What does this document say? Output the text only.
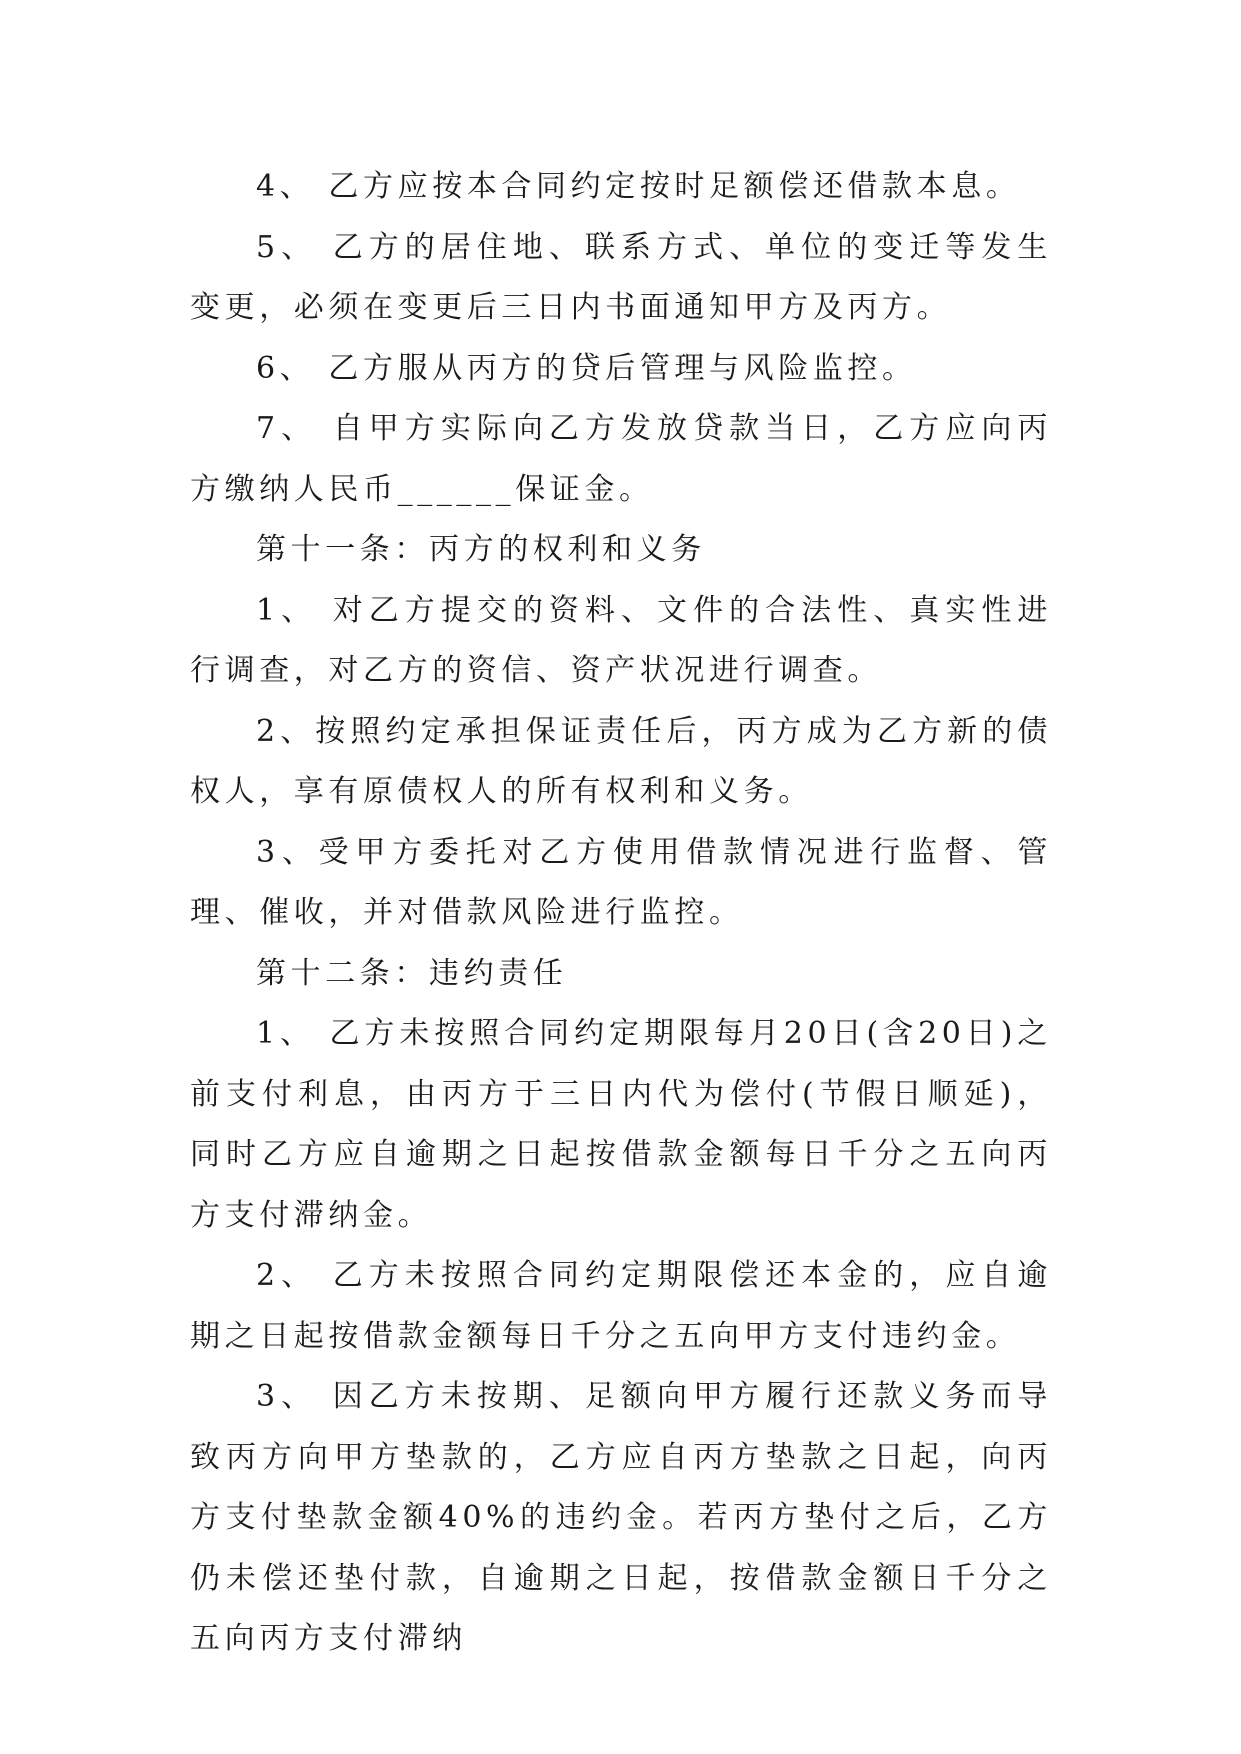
4、 乙方应按本合同约定按时足额偿还借款本息。

5、 乙方的居住地、联系方式、单位的变迁等发生变更，必须在变更后三日内书面通知甲方及丙方。

6、 乙方服从丙方的贷后管理与风险监控。

7、 自甲方实际向乙方发放贷款当日，乙方应向丙方缴纳人民币______保证金。

第十一条：丙方的权利和义务

1、 对乙方提交的资料、文件的合法性、真实性进行调查，对乙方的资信、资产状况进行调查。

2、按照约定承担保证责任后，丙方成为乙方新的债权人，享有原债权人的所有权利和义务。

3、受甲方委托对乙方使用借款情况进行监督、管理、催收，并对借款风险进行监控。

第十二条：违约责任

1、 乙方未按照合同约定期限每月20日(含20日)之前支付利息，由丙方于三日内代为偿付(节假日顺延)，同时乙方应自逾期之日起按借款金额每日千分之五向丙方支付滞纳金。

2、 乙方未按照合同约定期限偿还本金的，应自逾期之日起按借款金额每日千分之五向甲方支付违约金。

3、 因乙方未按期、足额向甲方履行还款义务而导致丙方向甲方垫款的，乙方应自丙方垫款之日起，向丙方支付垫款金额40%的违约金。若丙方垫付之后，乙方仍未偿还垫付款，自逾期之日起，按借款金额日千分之五向丙方支付滞纳
